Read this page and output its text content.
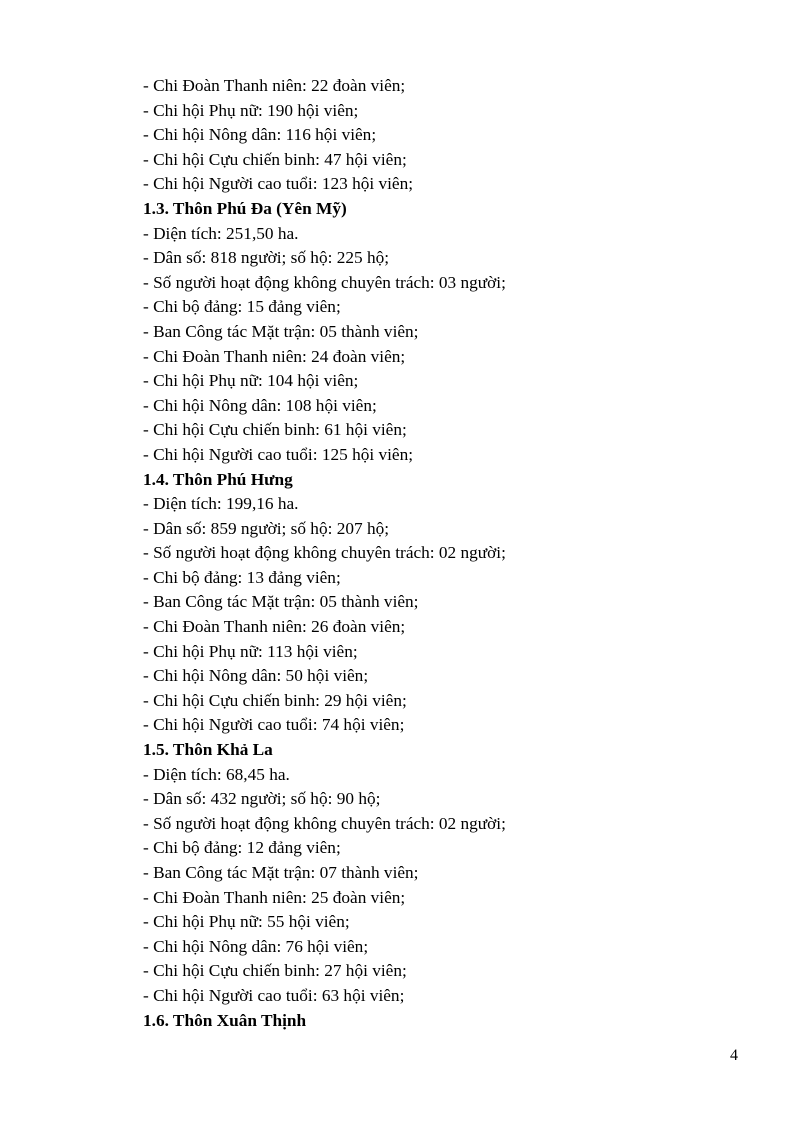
- Chi Đoàn Thanh niên: 22 đoàn viên;
- Chi hội Phụ nữ: 190 hội viên;
- Chi hội Nông dân: 116 hội viên;
- Chi hội Cựu chiến binh: 47 hội viên;
- Chi hội Người cao tuổi: 123 hội viên;
1.3. Thôn Phú Đa (Yên Mỹ)
- Diện tích: 251,50 ha.
- Dân số: 818 người; số hộ: 225 hộ;
- Số người hoạt động không chuyên trách: 03 người;
- Chi bộ đảng: 15 đảng viên;
- Ban Công tác Mặt trận: 05 thành viên;
- Chi Đoàn Thanh niên: 24 đoàn viên;
- Chi hội Phụ nữ: 104 hội viên;
- Chi hội Nông dân: 108 hội viên;
- Chi hội Cựu chiến binh: 61 hội viên;
- Chi hội Người cao tuổi: 125 hội viên;
1.4. Thôn Phú Hưng
- Diện tích: 199,16 ha.
- Dân số: 859 người; số hộ: 207 hộ;
- Số người hoạt động không chuyên trách: 02 người;
- Chi bộ đảng: 13 đảng viên;
- Ban Công tác Mặt trận: 05 thành viên;
- Chi Đoàn Thanh niên: 26 đoàn viên;
- Chi hội Phụ nữ: 113 hội viên;
- Chi hội Nông dân: 50 hội viên;
- Chi hội Cựu chiến binh: 29 hội viên;
- Chi hội Người cao tuổi: 74 hội viên;
1.5. Thôn Khả La
- Diện tích: 68,45 ha.
- Dân số: 432 người; số hộ: 90 hộ;
- Số người hoạt động không chuyên trách: 02 người;
- Chi bộ đảng: 12 đảng viên;
- Ban Công tác Mặt trận: 07 thành viên;
- Chi Đoàn Thanh niên: 25 đoàn viên;
- Chi hội Phụ nữ: 55 hội viên;
- Chi hội Nông dân: 76 hội viên;
- Chi hội Cựu chiến binh: 27 hội viên;
- Chi hội Người cao tuổi: 63 hội viên;
1.6. Thôn Xuân Thịnh
4
